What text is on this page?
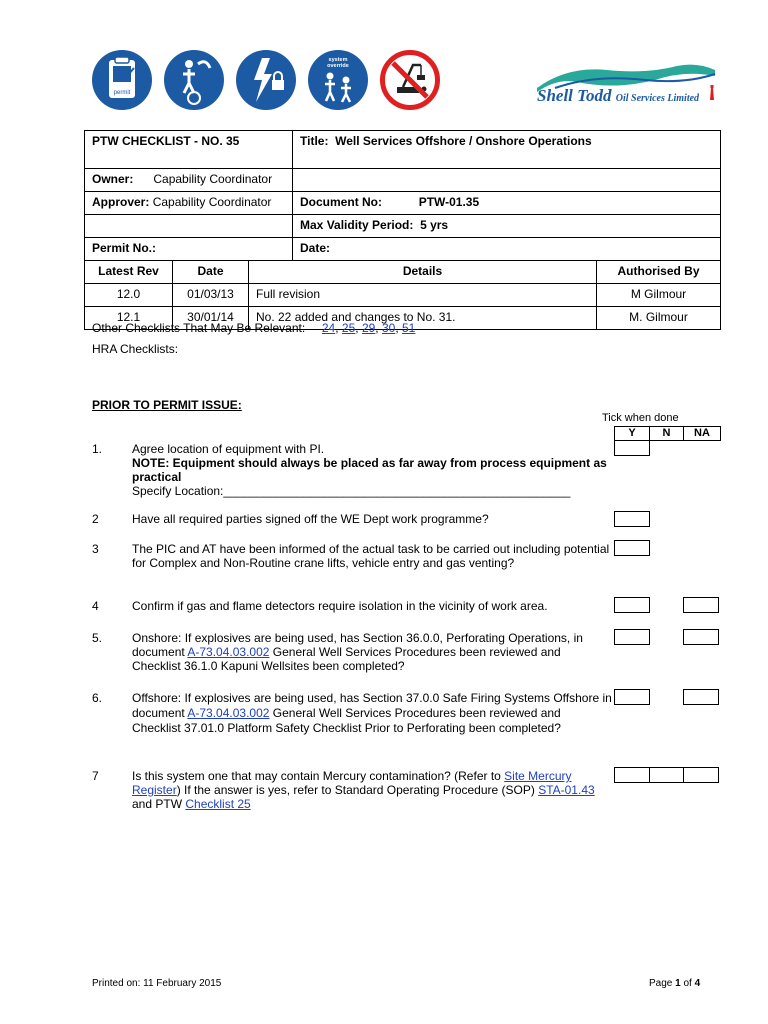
permit
system
override
Shell Todd Oil Services Limited
PTW CHECKLIST - NO. 35			Title: Well Services Offshore / Onshore Operations	
Owner: Capability Coordinator				
Approver: Capability Coordinator			Document No: PTW-01.35	
			Max Validity Period: 5 yrs	
Permit No.:			Date:	
Latest Rev	Date	Details		Authorised By
12.0	01/03/13	Full revision		M Gilmour
12.1	30/01/14	No. 22 added and changes to No. 31.		M. Gilmour
Other Checklists That May Be Relevant: 24, 25, 29, 30, 51
HRA Checklists:
PRIOR TO PERMIT ISSUE:
Tick when done
Y	N	NA
1. Agree location of equipment with PI.
NOTE: Equipment should always be placed as far away from process equipment as practical
Specify Location:____________________________________________________
2	Have all required parties signed off the WE Dept work programme?
3	The PIC and AT have been informed of the actual task to be carried out including potential for Complex and Non-Routine crane lifts, vehicle entry and gas venting?
4	Confirm if gas and flame detectors require isolation in the vicinity of work area.
5. Onshore: If explosives are being used, has Section 36.0.0, Perforating Operations, in document A-73.04.03.002 General Well Services Procedures been reviewed and Checklist 36.1.0 Kapuni Wellsites been completed?
6. Offshore: If explosives are being used, has Section 37.0.0 Safe Firing Systems Offshore in document A-73.04.03.002 General Well Services Procedures been reviewed and Checklist 37.01.0 Platform Safety Checklist Prior to Perforating been completed?
7	Is this system one that may contain Mercury contamination? (Refer to Site Mercury Register) If the answer is yes, refer to Standard Operating Procedure (SOP) STA-01.43 and PTW Checklist 25
Printed on: 11 February 2015	Page 1 of 4
